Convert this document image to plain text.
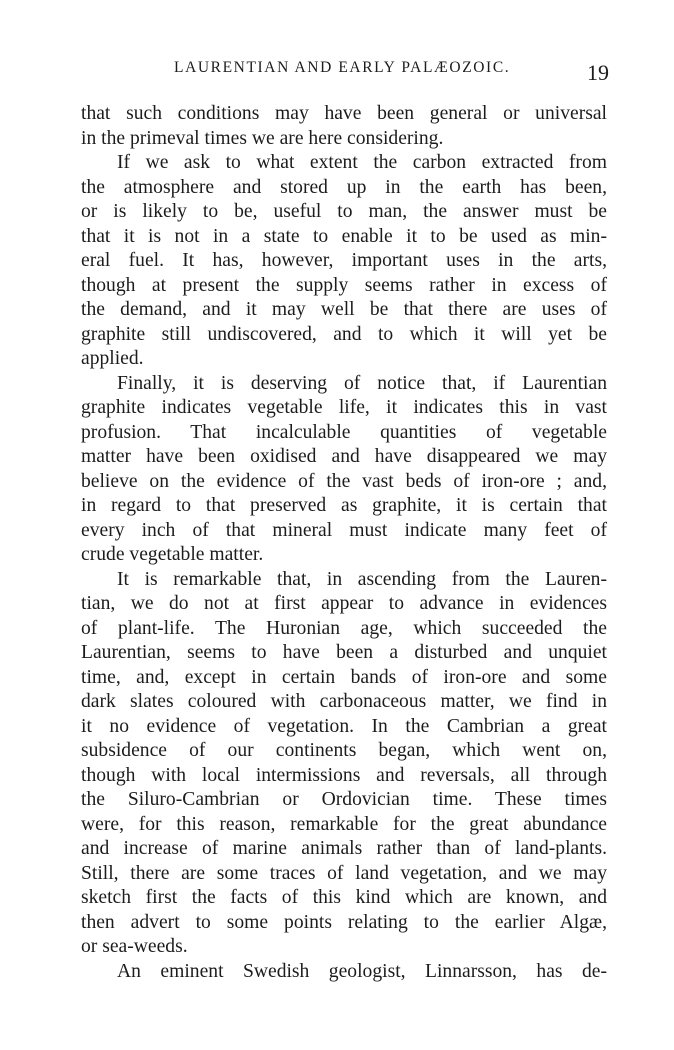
LAURENTIAN AND EARLY PALÆOZOIC.	19
that such conditions may have been general or universal
in the primeval times we are here considering.
If we ask to what extent the carbon extracted from
the atmosphere and stored up in the earth has been,
or is likely to be, useful to man, the answer must be
that it is not in a state to enable it to be used as min-
eral fuel. It has, however, important uses in the arts,
though at present the supply seems rather in excess of
the demand, and it may well be that there are uses of
graphite still undiscovered, and to which it will yet be
applied.
Finally, it is deserving of notice that, if Laurentian
graphite indicates vegetable life, it indicates this in vast
profusion. That incalculable quantities of vegetable
matter have been oxidised and have disappeared we may
believe on the evidence of the vast beds of iron-ore ; and,
in regard to that preserved as graphite, it is certain that
every inch of that mineral must indicate many feet of
crude vegetable matter.
It is remarkable that, in ascending from the Lauren-
tian, we do not at first appear to advance in evidences
of plant-life. The Huronian age, which succeeded the
Laurentian, seems to have been a disturbed and unquiet
time, and, except in certain bands of iron-ore and some
dark slates coloured with carbonaceous matter, we find in
it no evidence of vegetation. In the Cambrian a great
subsidence of our continents began, which went on,
though with local intermissions and reversals, all through
the Siluro-Cambrian or Ordovician time. These times
were, for this reason, remarkable for the great abundance
and increase of marine animals rather than of land-plants.
Still, there are some traces of land vegetation, and we may
sketch first the facts of this kind which are known, and
then advert to some points relating to the earlier Algæ,
or sea-weeds.
An eminent Swedish geologist, Linnarsson, has de-
